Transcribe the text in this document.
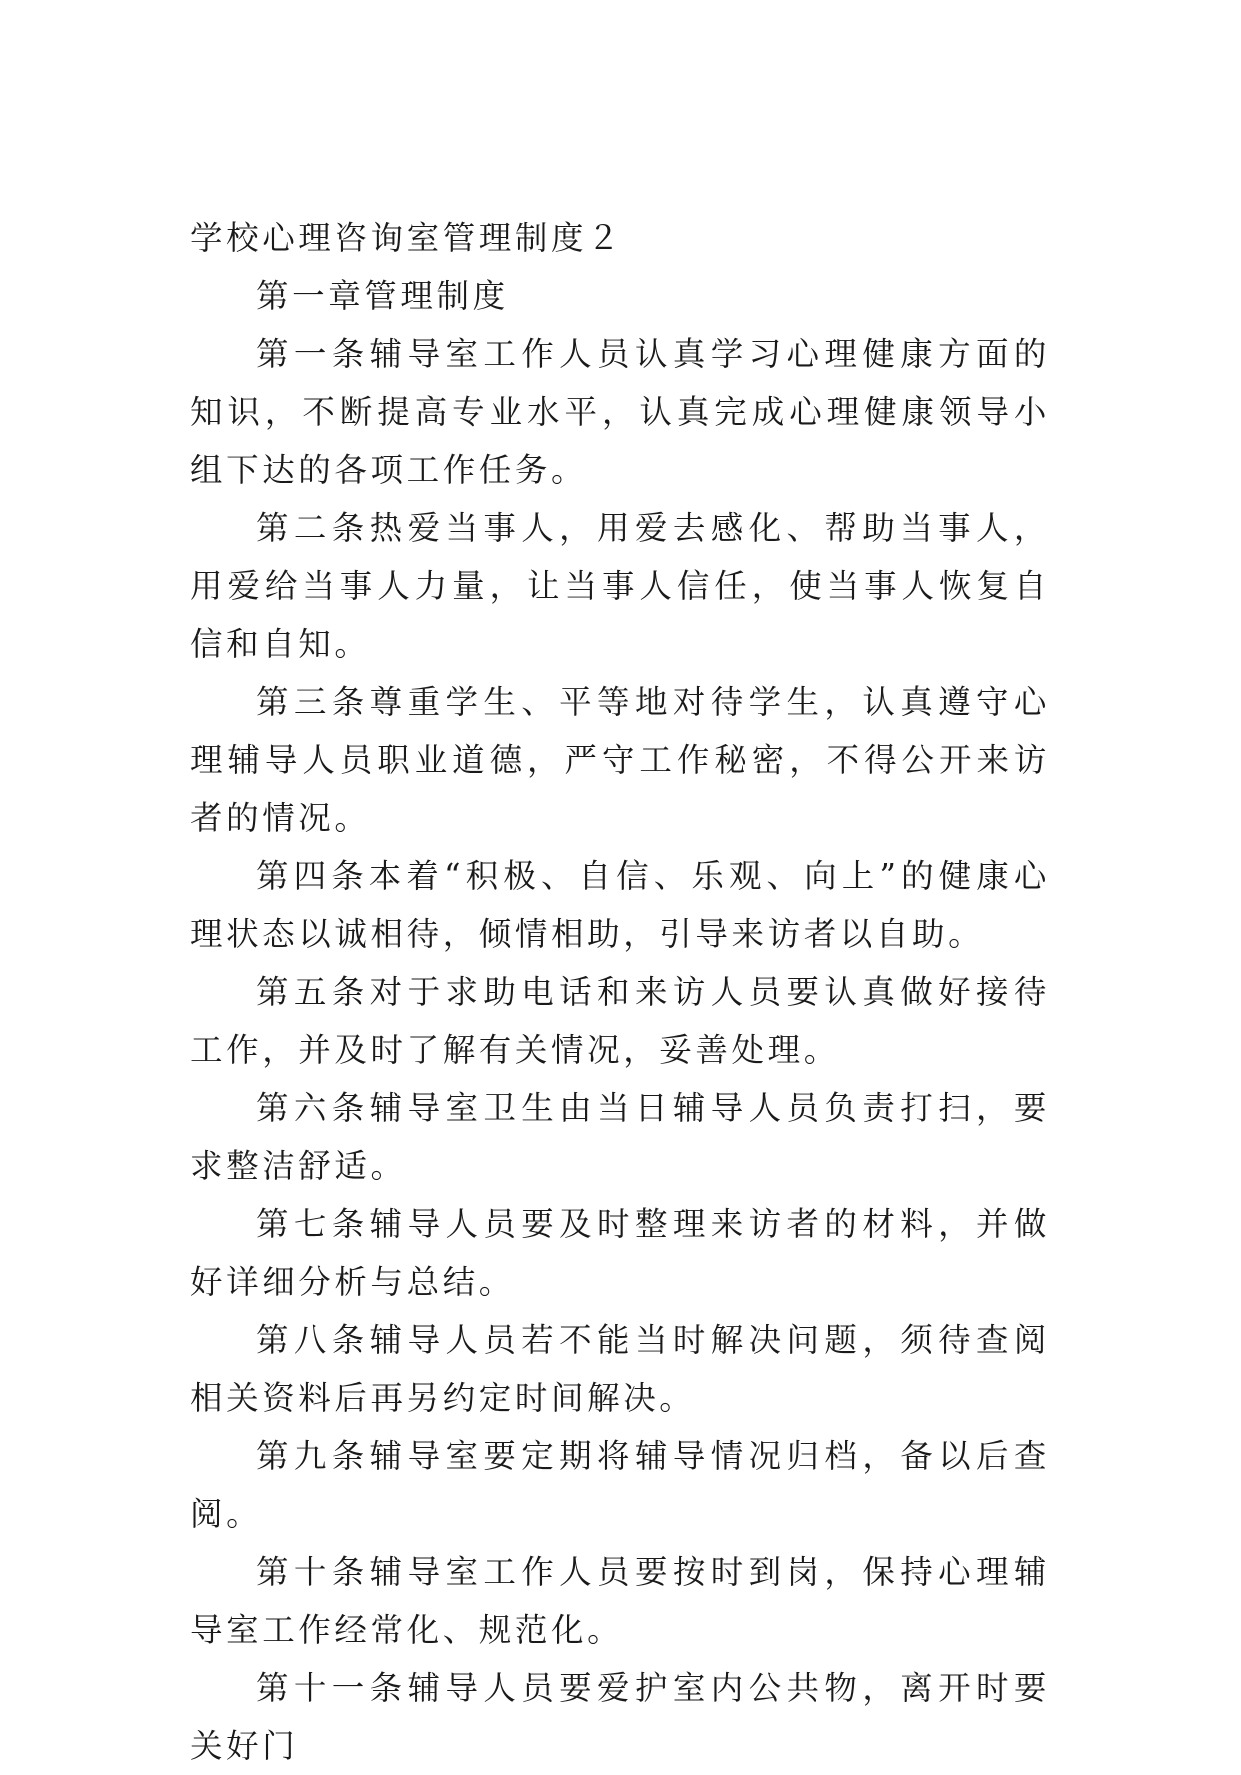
学校心理咨询室管理制度２

第一章管理制度

第一条辅导室工作人员认真学习心理健康方面的知识，不断提高专业水平，认真完成心理健康领导小组下达的各项工作任务。

第二条热爱当事人，用爱去感化、帮助当事人，用爱给当事人力量，让当事人信任，使当事人恢复自信和自知。

第三条尊重学生、平等地对待学生，认真遵守心理辅导人员职业道德，严守工作秘密，不得公开来访者的情况。

第四条本着“积极、自信、乐观、向上”的健康心理状态以诚相待，倾情相助，引导来访者以自助。

第五条对于求助电话和来访人员要认真做好接待工作，并及时了解有关情况，妥善处理。

第六条辅导室卫生由当日辅导人员负责打扫，要求整洁舒适。

第七条辅导人员要及时整理来访者的材料，并做好详细分析与总结。

第八条辅导人员若不能当时解决问题，须待查阅相关资料后再另约定时间解决。

第九条辅导室要定期将辅导情况归档，备以后查阅。

第十条辅导室工作人员要按时到岗，保持心理辅导室工作经常化、规范化。

第十一条辅导人员要爱护室内公共物，离开时要关好门
